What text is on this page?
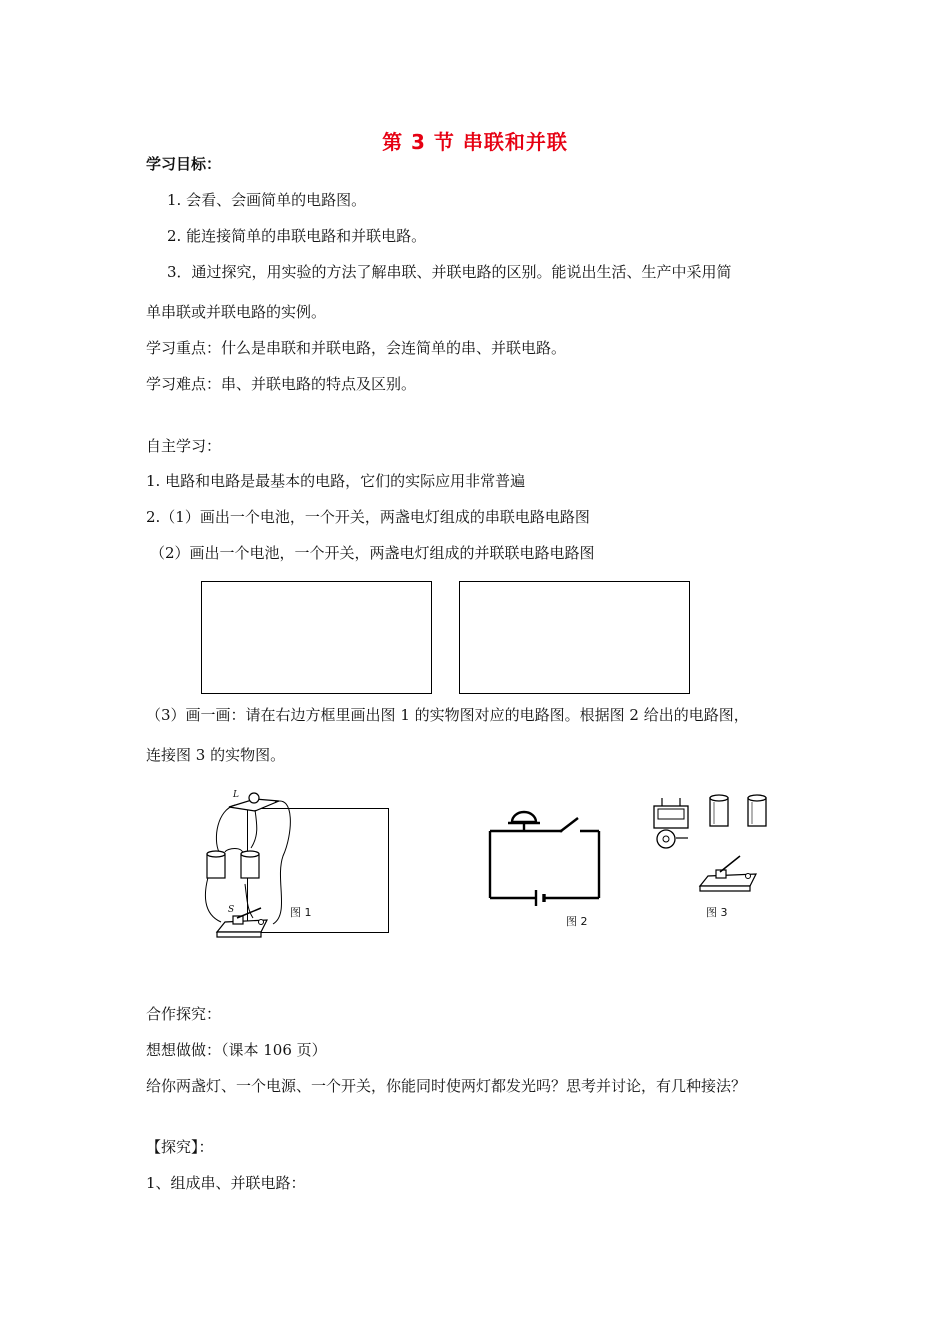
第 3 节 串联和并联
学习目标：
1. 会看、会画简单的电路图。
2. 能连接简单的串联电路和并联电路。
3．通过探究，用实验的方法了解串联、并联电路的区别。能说出生活、生产中采用简
单串联或并联电路的实例。
学习重点：什么是串联和并联电路，会连简单的串、并联电路。
学习难点：串、并联电路的特点及区别。
自主学习：
1. 电路和电路是最基本的电路，它们的实际应用非常普遍
2.（1）画出一个电池，一个开关，两盏电灯组成的串联电路电路图
（2）画出一个电池，一个开关，两盏电灯组成的并联联电路电路图
（3）画一画：请在右边方框里画出图 1 的实物图对应的电路图。根据图 2 给出的电路图，
连接图 3 的实物图。
L
S	图 1
图 2
图 3
合作探究：
想想做做：（课本 106 页）
给你两盏灯、一个电源、一个开关，你能同时使两灯都发光吗？思考并讨论，有几种接法？
【探究】：
1、组成串、并联电路：
